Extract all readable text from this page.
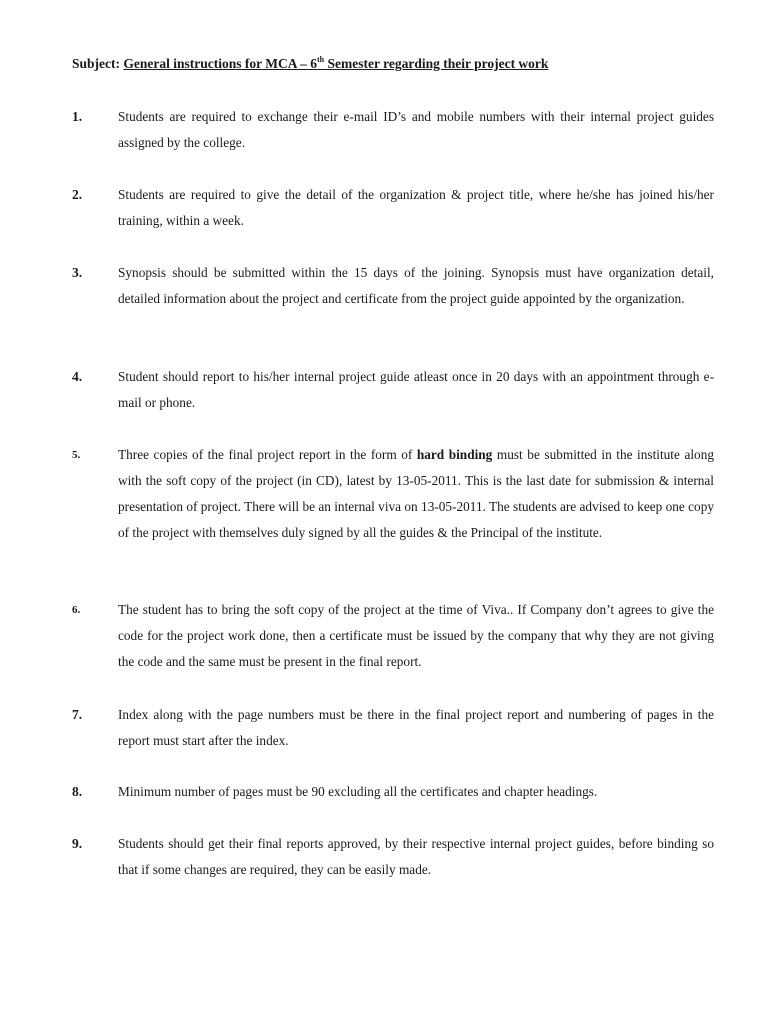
Subject: General instructions for MCA – 6th Semester regarding their project work
1.	Students are required to exchange their e-mail ID’s and mobile numbers with their internal project guides assigned by the college.
2.	Students are required to give the detail of the organization & project title, where he/she has joined his/her training, within a week.
3.	Synopsis should be submitted within the 15 days of the joining. Synopsis must have organization detail, detailed information about the project and certificate from the project guide appointed by the organization.
4.	Student should report to his/her internal project guide atleast once in 20 days with an appointment through e-mail or phone.
5.	Three copies of the final project report in the form of hard binding must be submitted in the institute along with the soft copy of the project (in CD), latest by 13-05-2011. This is the last date for submission & internal presentation of project. There will be an internal viva on 13-05-2011. The students are advised to keep one copy of the project with themselves duly signed by all the guides & the Principal of the institute.
6.	The student has to bring the soft copy of the project at the time of Viva.. If Company don’t agrees to give the code for the project work done, then a certificate must be issued by the company that why they are not giving the code and the same must be present in the final report.
7.	Index along with the page numbers must be there in the final project report and numbering of pages in the report must start after the index.
8.	Minimum number of pages must be 90 excluding all the certificates and chapter headings.
9.	Students should get their final reports approved, by their respective internal project guides, before binding so that if some changes are required, they can be easily made.
